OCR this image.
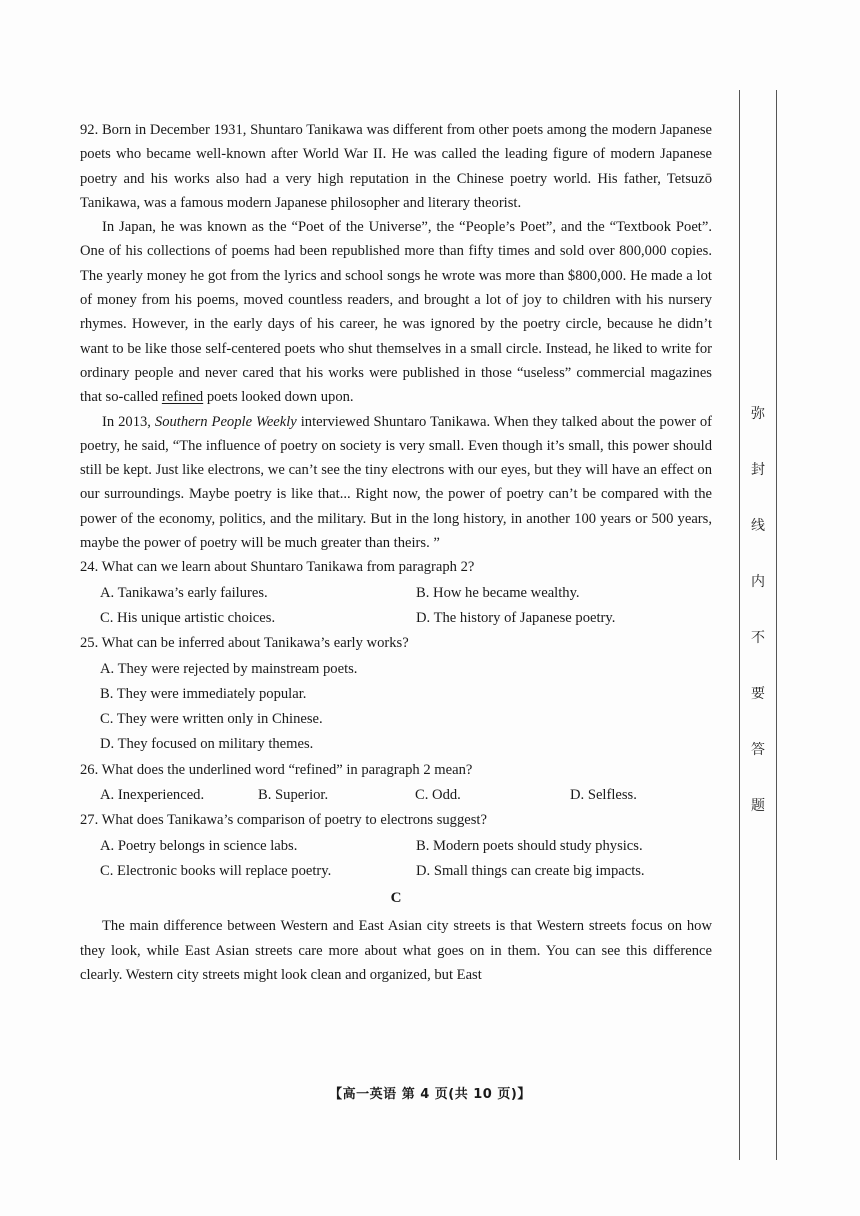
92. Born in December 1931, Shuntaro Tanikawa was different from other poets among the modern Japanese poets who became well-known after World War II. He was called the leading figure of modern Japanese poetry and his works also had a very high reputation in the Chinese poetry world. His father, Tetsuzō Tanikawa, was a famous modern Japanese philosopher and literary theorist.

In Japan, he was known as the “Poet of the Universe”, the “People’s Poet”, and the “Textbook Poet”. One of his collections of poems had been republished more than fifty times and sold over 800,000 copies. The yearly money he got from the lyrics and school songs he wrote was more than $800,000. He made a lot of money from his poems, moved countless readers, and brought a lot of joy to children with his nursery rhymes. However, in the early days of his career, he was ignored by the poetry circle, because he didn’t want to be like those self-centered poets who shut themselves in a small circle. Instead, he liked to write for ordinary people and never cared that his works were published in those “useless” commercial magazines that so-called refined poets looked down upon.

In 2013, Southern People Weekly interviewed Shuntaro Tanikawa. When they talked about the power of poetry, he said, “The influence of poetry on society is very small. Even though it’s small, this power should still be kept. Just like electrons, we can’t see the tiny electrons with our eyes, but they will have an effect on our surroundings. Maybe poetry is like that... Right now, the power of poetry can’t be compared with the power of the economy, politics, and the military. But in the long history, in another 100 years or 500 years, maybe the power of poetry will be much greater than theirs. ”

24. What can we learn about Shuntaro Tanikawa from paragraph 2?

A. Tanikawa’s early failures.	B. How he became wealthy.
C. His unique artistic choices.	D. The history of Japanese poetry.

25. What can be inferred about Tanikawa’s early works?

A. They were rejected by mainstream poets.
B. They were immediately popular.
C. They were written only in Chinese.
D. They focused on military themes.

26. What does the underlined word “refined” in paragraph 2 mean?

A. Inexperienced.	B. Superior.	C. Odd.	D. Selfless.

27. What does Tanikawa’s comparison of poetry to electrons suggest?

A. Poetry belongs in science labs.	B. Modern poets should study physics.
C. Electronic books will replace poetry.	D. Small things can create big impacts.
C

The main difference between Western and East Asian city streets is that Western streets focus on how they look, while East Asian streets care more about what goes on in them. You can see this difference clearly. Western city streets might look clean and organized, but East

【高一英语 第 4 页(共 10 页)】
弥
封
线
内
不
要
答
题
